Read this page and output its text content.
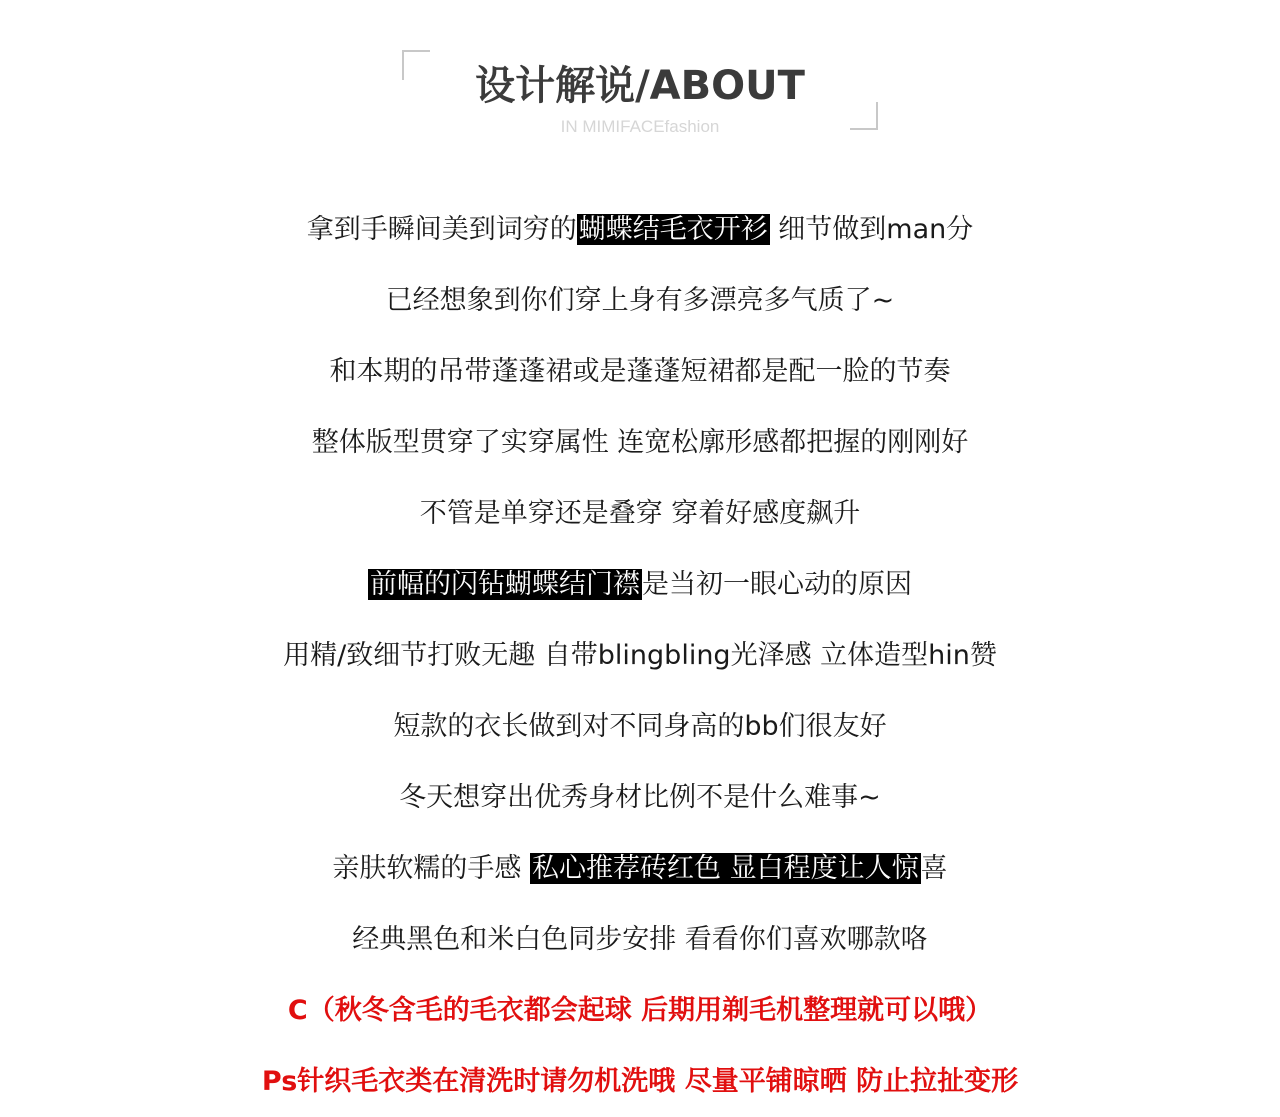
设计解说/ABOUT
IN MIMIFACEfashion
拿到手瞬间美到词穷的蝴蝶结毛衣开衫 细节做到man分
已经想象到你们穿上身有多漂亮多气质了~
和本期的吊带蓬蓬裙或是蓬蓬短裙都是配一脸的节奏
整体版型贯穿了实穿属性 连宽松廓形感都把握的刚刚好
不管是单穿还是叠穿 穿着好感度飙升
前幅的闪钻蝴蝶结门襟是当初一眼心动的原因
用精/致细节打败无趣 自带blingbling光泽感 立体造型hin赞
短款的衣长做到对不同身高的bb们很友好
冬天想穿出优秀身材比例不是什么难事~
亲肤软糯的手感 私心推荐砖红色 显白程度让人惊喜
经典黑色和米白色同步安排 看看你们喜欢哪款咯
C（秋冬含毛的毛衣都会起球 后期用剃毛机整理就可以哦）
Ps针织毛衣类在清洗时请勿机洗哦 尽量平铺晾晒 防止拉扯变形
